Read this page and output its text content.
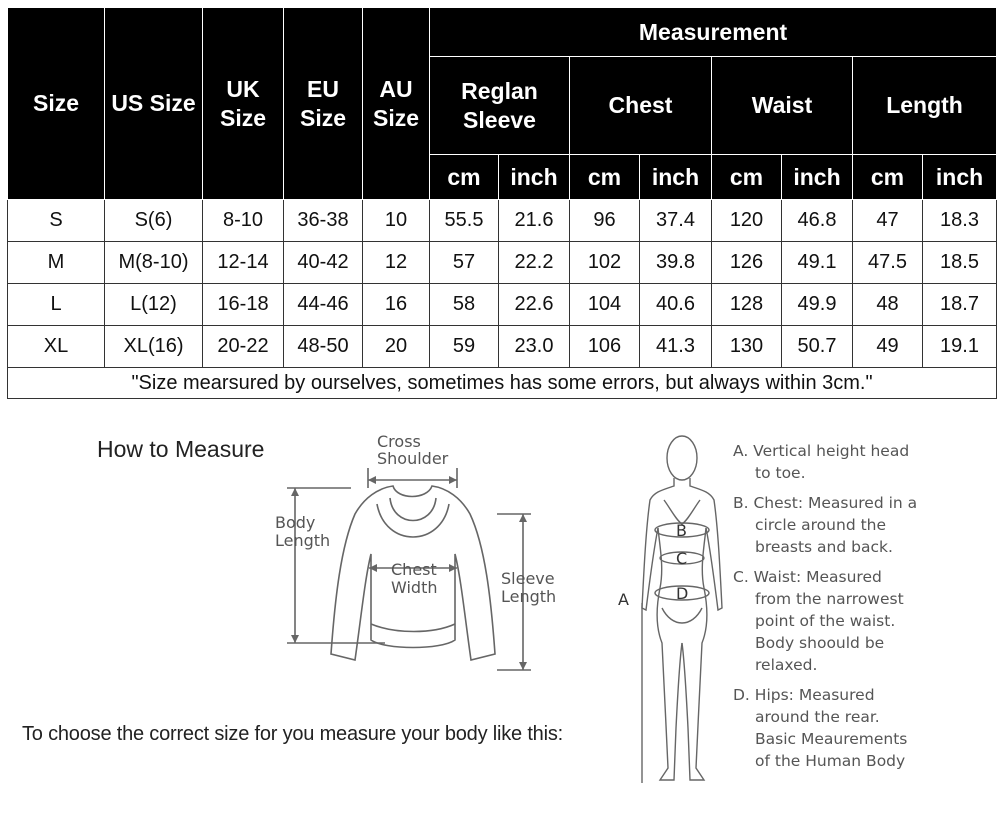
Size	US Size	UK Size	EU Size	AU Size	Measurement							
					Reglan Sleeve		Chest		Waist		Length	
					cm	inch	cm	inch	cm	inch	cm	inch
S	S(6)	8-10	36-38	10	55.5	21.6	96	37.4	120	46.8	47	18.3
M	M(8-10)	12-14	40-42	12	57	22.2	102	39.8	126	49.1	47.5	18.5
L	L(12)	16-18	44-46	16	58	22.6	104	40.6	128	49.9	48	18.7
XL	XL(16)	20-22	48-50	20	59	23.0	106	41.3	130	50.7	49	19.1
"Size mearsured by ourselves, sometimes has some errors, but always within 3cm."												
How to Measure	Cross
Shoulder
Body
Length
Chest
Width	Sleeve
Length	A
B
C
D
A. Vertical height head
to toe.
B. Chest: Measured in a
circle around the
breasts and back.
C. Waist: Measured
from the narrowest
point of the waist.
Body shoould be
relaxed.
D. Hips: Measured
around the rear.
Basic Meaurements
of the Human Body
To choose the correct size for you measure your body like this:
